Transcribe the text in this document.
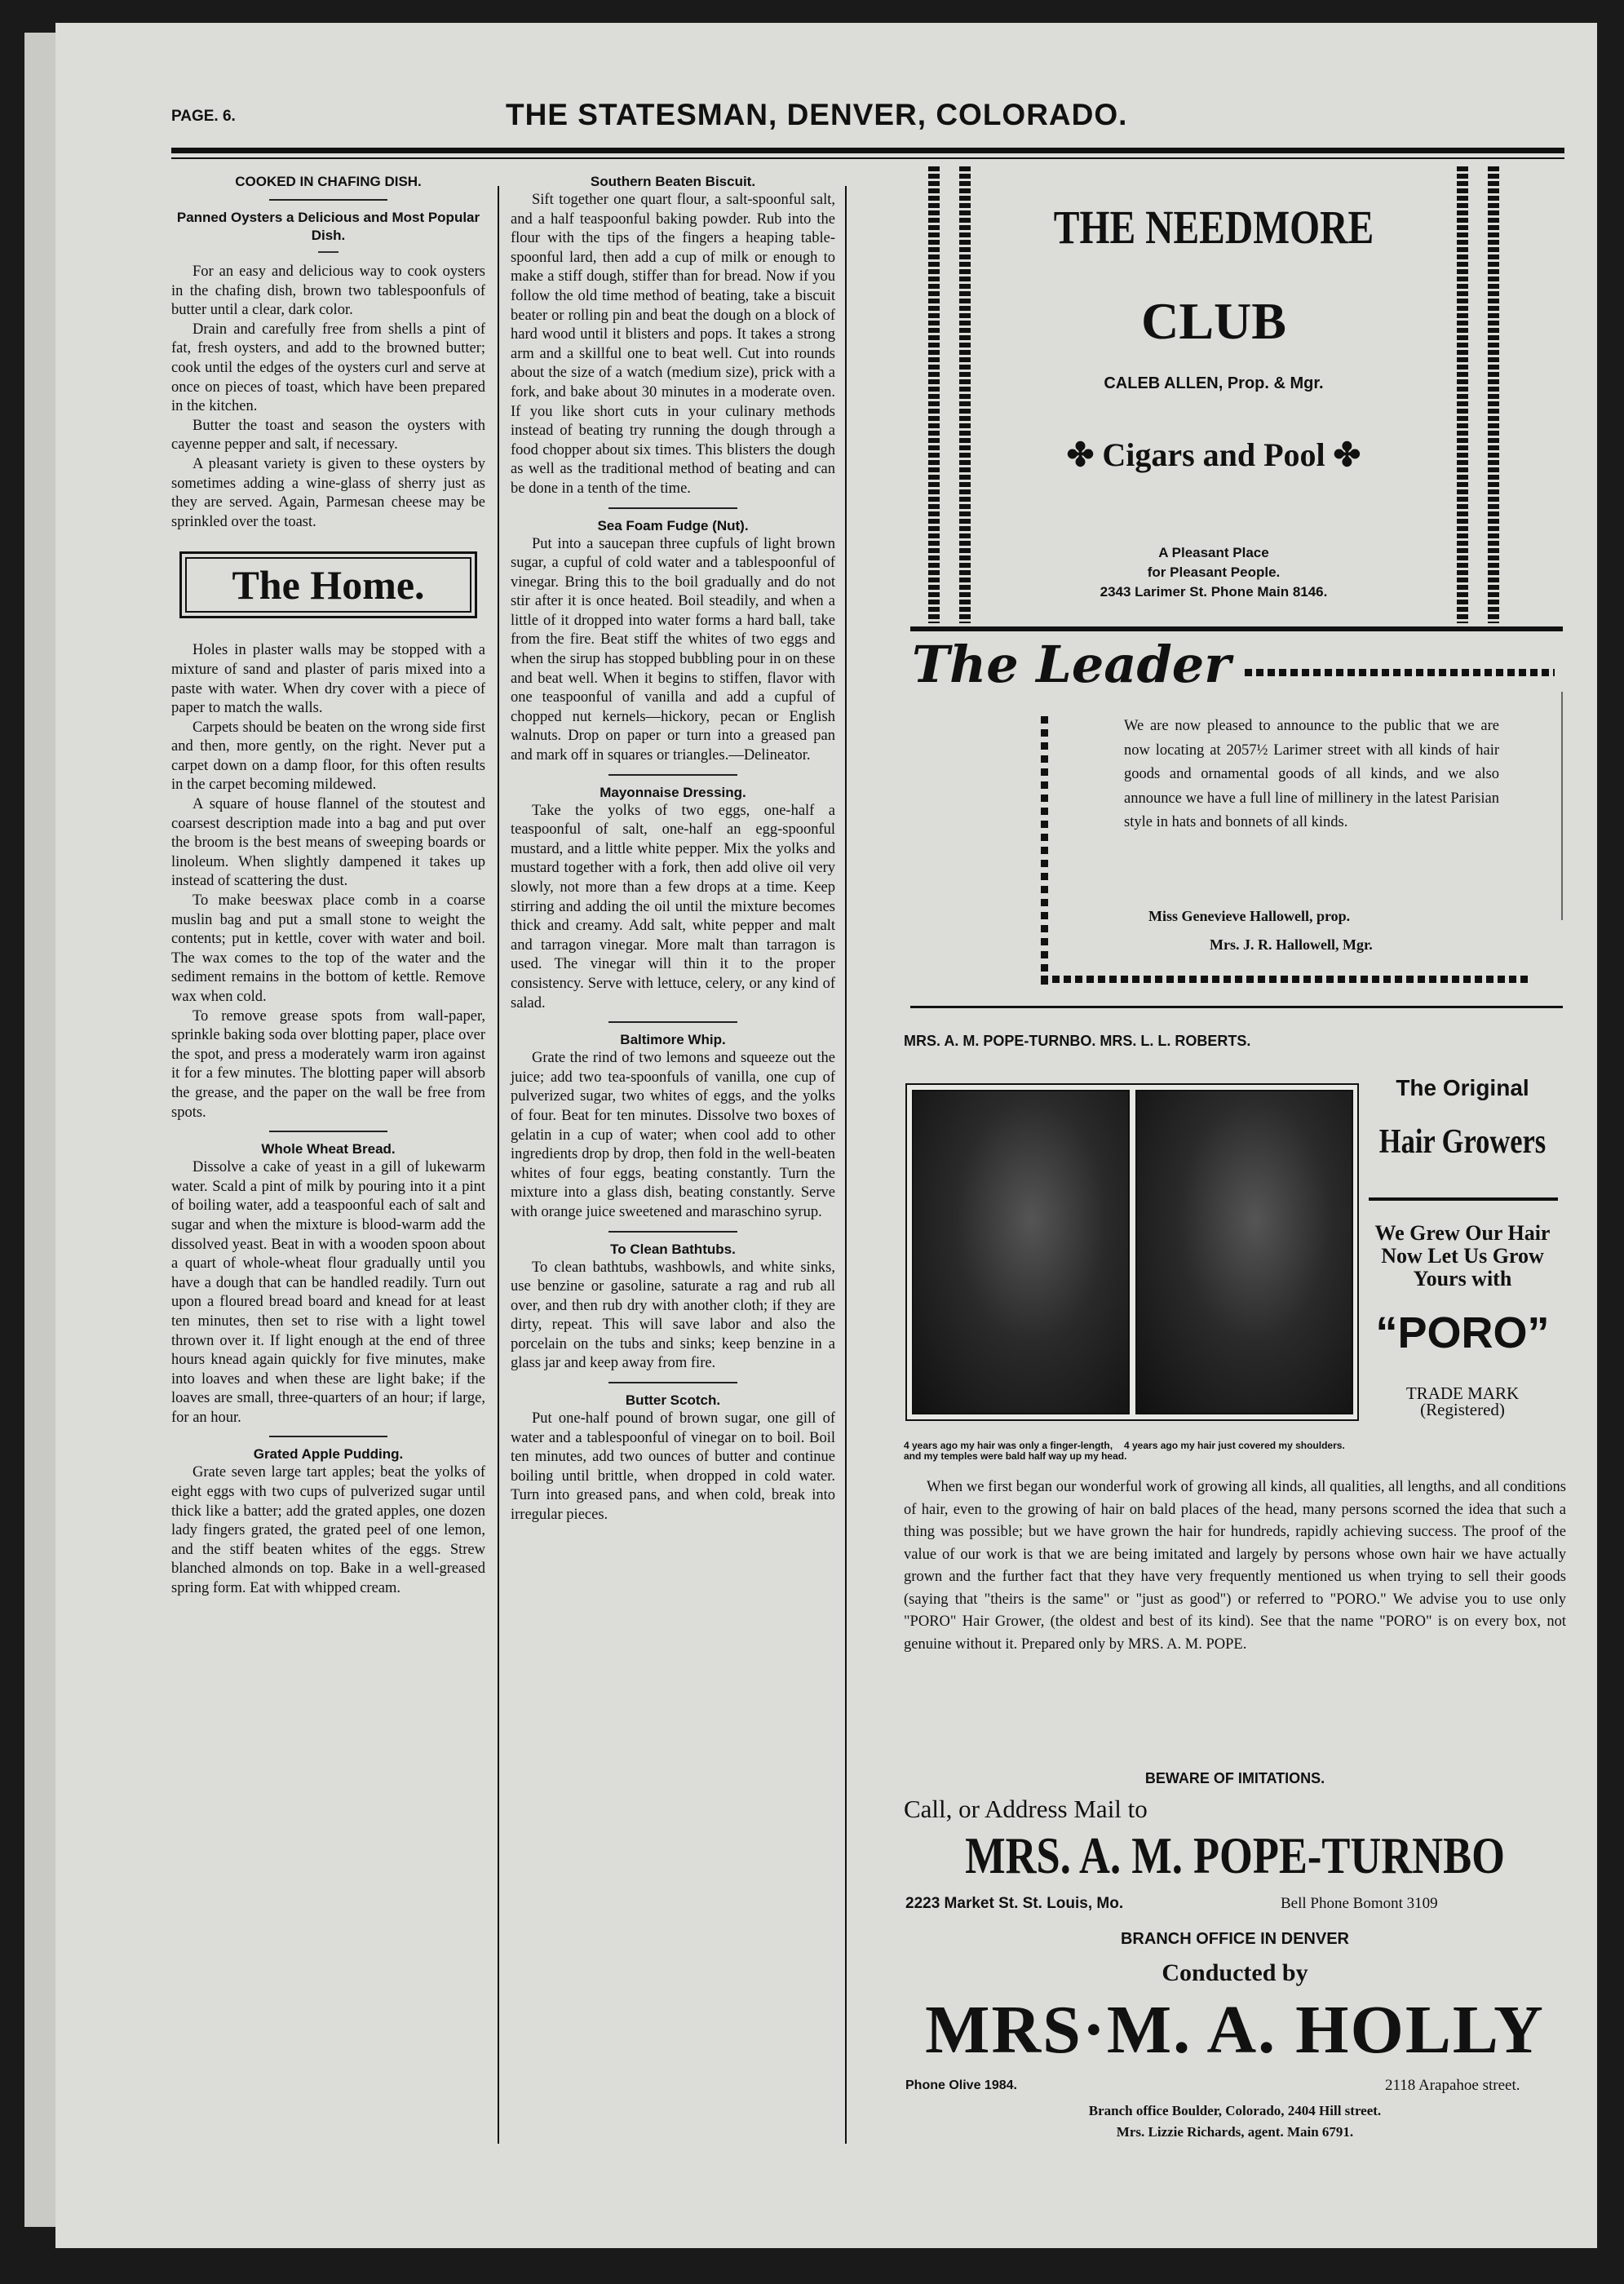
PAGE. 6.	THE STATESMAN, DENVER, COLORADO.
COOKED IN CHAFING DISH.
Panned Oysters a Delicious and Most Popular Dish.

For an easy and delicious way to cook oysters in the chafing dish, brown two tablespoonfuls of butter until a clear, dark color.

Drain and carefully free from shells a pint of fat, fresh oysters, and add to the browned butter; cook until the edges of the oysters curl and serve at once on pieces of toast, which have been prepared in the kitchen.

Butter the toast and season the oysters with cayenne pepper and salt, if necessary.

A pleasant variety is given to these oysters by sometimes adding a wine-glass of sherry just as they are served. Again, Parmesan cheese may be sprinkled over the toast.

The Home.

Holes in plaster walls may be stopped with a mixture of sand and plaster of paris mixed into a paste with water. When dry cover with a piece of paper to match the walls.

Carpets should be beaten on the wrong side first and then, more gently, on the right. Never put a carpet down on a damp floor, for this often results in the carpet becoming mildewed.

A square of house flannel of the stoutest and coarsest description made into a bag and put over the broom is the best means of sweeping boards or linoleum. When slightly dampened it takes up instead of scattering the dust.

To make beeswax place comb in a coarse muslin bag and put a small stone to weight the contents; put in kettle, cover with water and boil. The wax comes to the top of the water and the sediment remains in the bottom of kettle. Remove wax when cold.

To remove grease spots from wall-paper, sprinkle baking soda over blotting paper, place over the spot, and press a moderately warm iron against it for a few minutes. The blotting paper will absorb the grease, and the paper on the wall be free from spots.

Whole Wheat Bread.

Dissolve a cake of yeast in a gill of lukewarm water. Scald a pint of milk by pouring into it a pint of boiling water, add a teaspoonful each of salt and sugar and when the mixture is blood-warm add the dissolved yeast. Beat in with a wooden spoon about a quart of whole-wheat flour gradually until you have a dough that can be handled readily. Turn out upon a floured bread board and knead for at least ten minutes, then set to rise with a light towel thrown over it. If light enough at the end of three hours knead again quickly for five minutes, make into loaves and when these are light bake; if the loaves are small, three-quarters of an hour; if large, for an hour.

Grated Apple Pudding.

Grate seven large tart apples; beat the yolks of eight eggs with two cups of pulverized sugar until thick like a batter; add the grated apples, one dozen lady fingers grated, the grated peel of one lemon, and the stiff beaten whites of the eggs. Strew blanched almonds on top. Bake in a well-greased spring form. Eat with whipped cream.

Southern Beaten Biscuit.

Sift together one quart flour, a salt-spoonful salt, and a half teaspoonful baking powder. Rub into the flour with the tips of the fingers a heaping table-spoonful lard, then add a cup of milk or enough to make a stiff dough, stiffer than for bread. Now if you follow the old time method of beating, take a biscuit beater or rolling pin and beat the dough on a block of hard wood until it blisters and pops. It takes a strong arm and a skillful one to beat well. Cut into rounds about the size of a watch (medium size), prick with a fork, and bake about 30 minutes in a moderate oven. If you like short cuts in your culinary methods instead of beating try running the dough through a food chopper about six times. This blisters the dough as well as the traditional method of beating and can be done in a tenth of the time.

Sea Foam Fudge (Nut).

Put into a saucepan three cupfuls of light brown sugar, a cupful of cold water and a tablespoonful of vinegar. Bring this to the boil gradually and do not stir after it is once heated. Boil steadily, and when a little of it dropped into water forms a hard ball, take from the fire. Beat stiff the whites of two eggs and when the sirup has stopped bubbling pour in on these and beat well. When it begins to stiffen, flavor with one teaspoonful of vanilla and add a cupful of chopped nut kernels—hickory, pecan or English walnuts. Drop on paper or turn into a greased pan and mark off in squares or triangles.—Delineator.

Mayonnaise Dressing.

Take the yolks of two eggs, one-half a teaspoonful of salt, one-half an egg-spoonful mustard, and a little white pepper. Mix the yolks and mustard together with a fork, then add olive oil very slowly, not more than a few drops at a time. Keep stirring and adding the oil until the mixture becomes thick and creamy. Add salt, white pepper and malt and tarragon vinegar. More malt than tarragon is used. The vinegar will thin it to the proper consistency. Serve with lettuce, celery, or any kind of salad.

Baltimore Whip.

Grate the rind of two lemons and squeeze out the juice; add two tea-spoonfuls of vanilla, one cup of pulverized sugar, two whites of eggs, and the yolks of four. Beat for ten minutes. Dissolve two boxes of gelatin in a cup of water; when cool add to other ingredients drop by drop, then fold in the well-beaten whites of four eggs, beating constantly. Turn the mixture into a glass dish, beating constantly. Serve with orange juice sweetened and maraschino syrup.

To Clean Bathtubs.

To clean bathtubs, washbowls, and white sinks, use benzine or gasoline, saturate a rag and rub all over, and then rub dry with another cloth; if they are dirty, repeat. This will save labor and also the porcelain on the tubs and sinks; keep benzine in a glass jar and keep away from fire.

Butter Scotch.

Put one-half pound of brown sugar, one gill of water and a tablespoonful of vinegar on to boil. Boil ten minutes, add two ounces of butter and continue boiling until brittle, when dropped in cold water. Turn into greased pans, and when cold, break into irregular pieces.

THE NEEDMORE
CLUB
CALEB ALLEN, Prop. & Mgr.
✤ Cigars and Pool ✤
A Pleasant Place
for Pleasant People.
2343 Larimer St. Phone Main 8146.
The Leader
We are now pleased to announce to the public that we are now locating at 2057½ Larimer street with all kinds of hair goods and ornamental goods of all kinds, and we also announce we have a full line of millinery in the latest Parisian style in hats and bonnets of all kinds.
Miss Genevieve Hallowell, prop.
Mrs. J. R. Hallowell, Mgr.
MRS. A. M. POPE-TURNBO. MRS. L. L. ROBERTS.
The Original
Hair Growers
We Grew Our Hair Now Let Us Grow Yours with
“PORO”
TRADE MARK
(Registered)
4 years ago my hair was only a finger-length, and my temples were bald half way up my head.
4 years ago my hair just covered my shoulders.
When we first began our wonderful work of growing all kinds, all qualities, all lengths, and all conditions of hair, even to the growing of hair on bald places of the head, many persons scorned the idea that such a thing was possible; but we have grown the hair for hundreds, rapidly achieving success. The proof of the value of our work is that we are being imitated and largely by persons whose own hair we have actually grown and the further fact that they have very frequently mentioned us when trying to sell their goods (saying that "theirs is the same" or "just as good") or referred to "PORO." We advise you to use only "PORO" Hair Grower, (the oldest and best of its kind). See that the name "PORO" is on every box, not genuine without it. Prepared only by MRS. A. M. POPE.
BEWARE OF IMITATIONS.
Call, or Address Mail to
MRS. A. M. POPE-TURNBO
2223 Market St. St. Louis, Mo.	Bell Phone Bomont 3109
BRANCH OFFICE IN DENVER
Conducted by
MRS·M. A. HOLLY
Phone Olive 1984.	2118 Arapahoe street.
Branch office Boulder, Colorado, 2404 Hill street.
Mrs. Lizzie Richards, agent. Main 6791.
